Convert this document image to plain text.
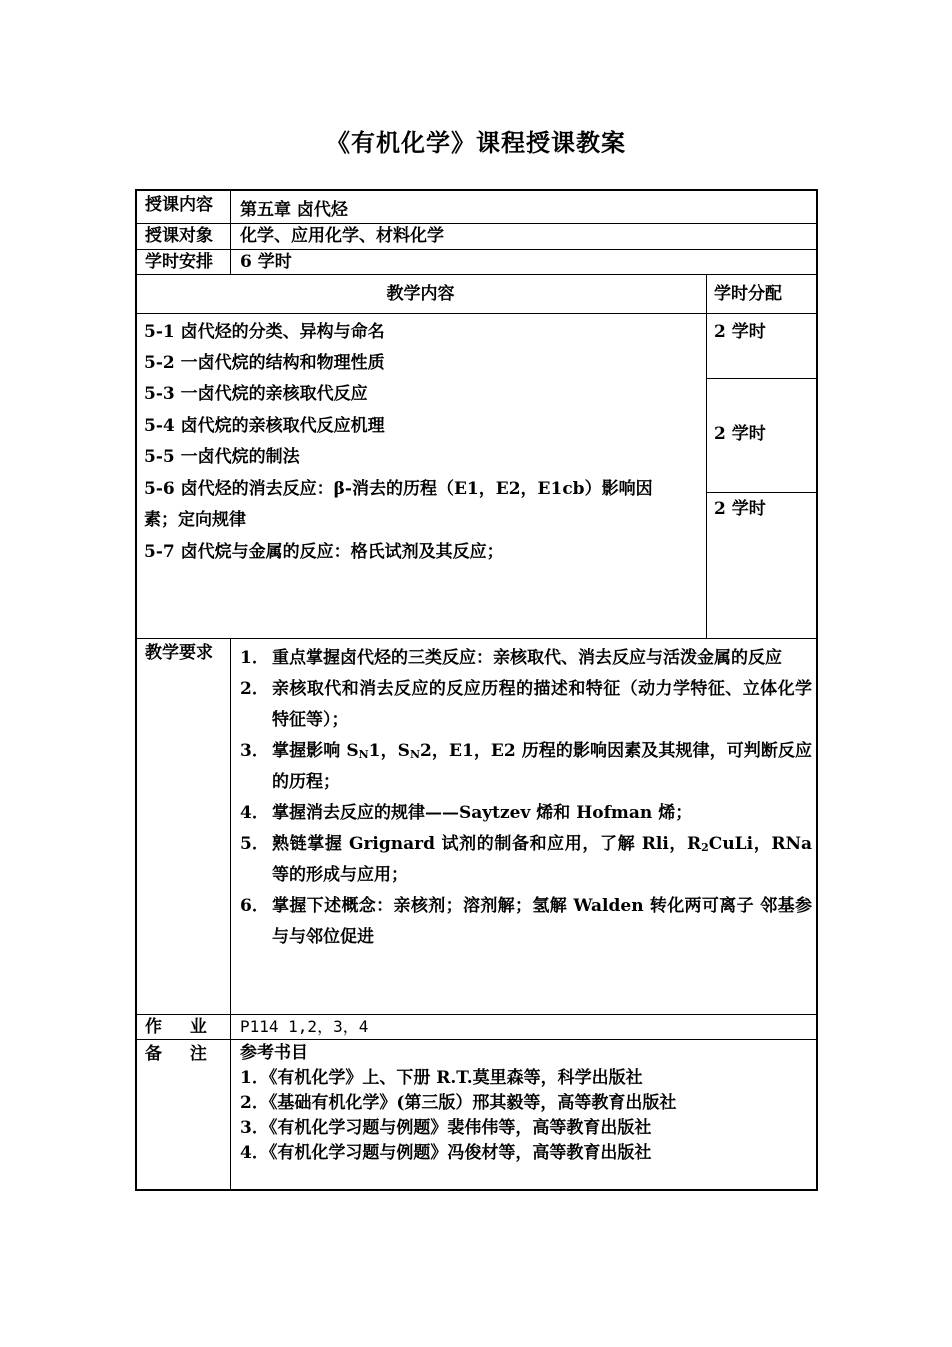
《有机化学》课程授课教案
授课内容 第五章 卤代烃
授课对象 化学、应用化学、材料化学
学时安排 6 学时
教学内容	学时分配
5-1 卤代烃的分类、异构与命名
5-2 一卤代烷的结构和物理性质
5-3 一卤代烷的亲核取代反应
5-4 卤代烷的亲核取代反应机理
5-5 一卤代烷的制法
5-6 卤代烃的消去反应：β-消去的历程（E1，E2，E1cb）影响因
素；定向规律
5-7 卤代烷与金属的反应：格氏试剂及其反应；
2 学时
2 学时
2 学时
教学要求 1． 重点掌握卤代烃的三类反应：亲核取代、消去反应与活泼金属的反应
2． 亲核取代和消去反应的反应历程的描述和特征（动力学特征、立体化学特征等）；
3． 掌握影响 $S_N1$，$S_N2$，E1，E2 历程的影响因素及其规律，可判断反应的历程；
4． 掌握消去反应的规律——Saytzev 烯和 Hofman 烯；
5． 熟链掌握 Grignard 试剂的制备和应用，了解 Rli，$R_2CuLi$，RNa 等的形成与应用；
6． 掌握下述概念：亲核剂；溶剂解；氢解 Walden 转化两可离子 邻基参与与邻位促进
作 业 P114 1,2，3，4
备 注 参考书目
1．《有机化学》上、下册 R.T.莫里森等，科学出版社
2．《基础有机化学》(第三版）邢其毅等，高等教育出版社
3．《有机化学习题与例题》裴伟伟等，高等教育出版社
4．《有机化学习题与例题》冯俊材等，高等教育出版社
